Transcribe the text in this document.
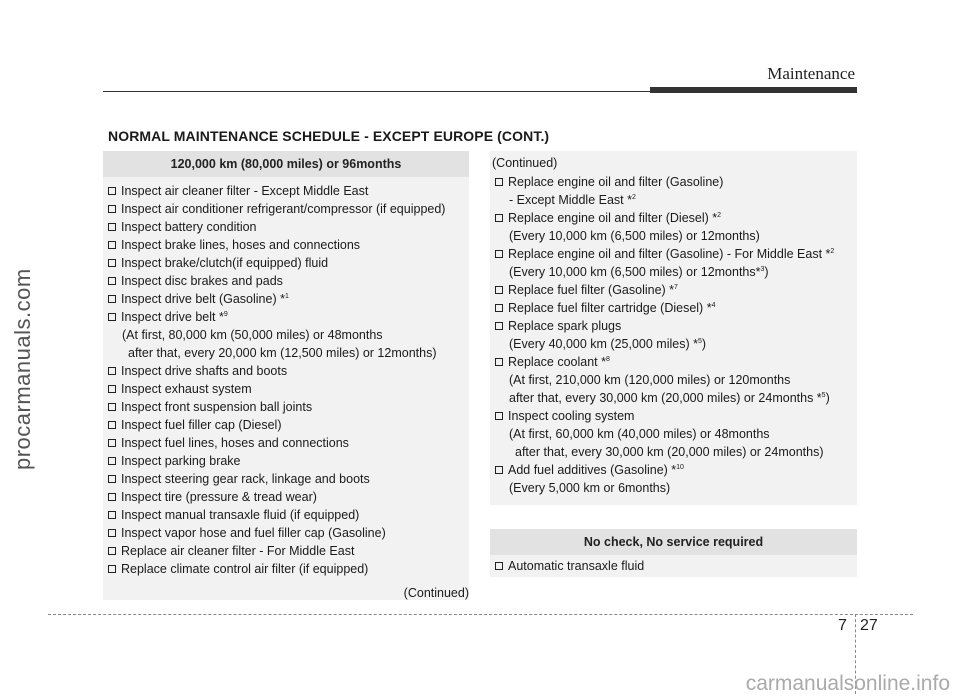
Maintenance
procarmanuals.com
NORMAL MAINTENANCE SCHEDULE - EXCEPT EUROPE (CONT.)
120,000 km (80,000 miles) or 96months
Inspect air cleaner filter - Except Middle East
Inspect air conditioner refrigerant/compressor (if equipped)
Inspect battery condition
Inspect brake lines, hoses and connections
Inspect brake/clutch(if equipped) fluid
Inspect disc brakes and pads
Inspect drive belt (Gasoline) *$^1$
Inspect drive belt *$^9$
(At first, 80,000 km (50,000 miles) or 48months
after that, every 20,000 km (12,500 miles) or 12months)
Inspect drive shafts and boots
Inspect exhaust system
Inspect front suspension ball joints
Inspect fuel filler cap (Diesel)
Inspect fuel lines, hoses and connections
Inspect parking brake
Inspect steering gear rack, linkage and boots
Inspect tire (pressure & tread wear)
Inspect manual transaxle fluid (if equipped)
Inspect vapor hose and fuel filler cap (Gasoline)
Replace air cleaner filter - For Middle East
Replace climate control air filter (if equipped)
(Continued)
(Continued)
Replace engine oil and filter (Gasoline)
- Except Middle East *$^2$
Replace engine oil and filter (Diesel) *$^2$
(Every 10,000 km (6,500 miles) or 12months)
Replace engine oil and filter (Gasoline) - For Middle East *$^2$
(Every 10,000 km (6,500 miles) or 12months*$^3$)
Replace fuel filter (Gasoline) *$^7$
Replace fuel filter cartridge (Diesel) *$^4$
Replace spark plugs
(Every 40,000 km (25,000 miles) *$^5$)
Replace coolant *$^8$
(At first, 210,000 km (120,000 miles) or 120months
after that, every 30,000 km (20,000 miles) or 24months *$^5$)
Inspect cooling system
(At first, 60,000 km (40,000 miles) or 48months
after that, every 30,000 km (20,000 miles) or 24months)
Add fuel additives (Gasoline) *$^{10}$
(Every 5,000 km or 6months)
No check, No service required
Automatic transaxle fluid
7 27
carmanualsonline.info
